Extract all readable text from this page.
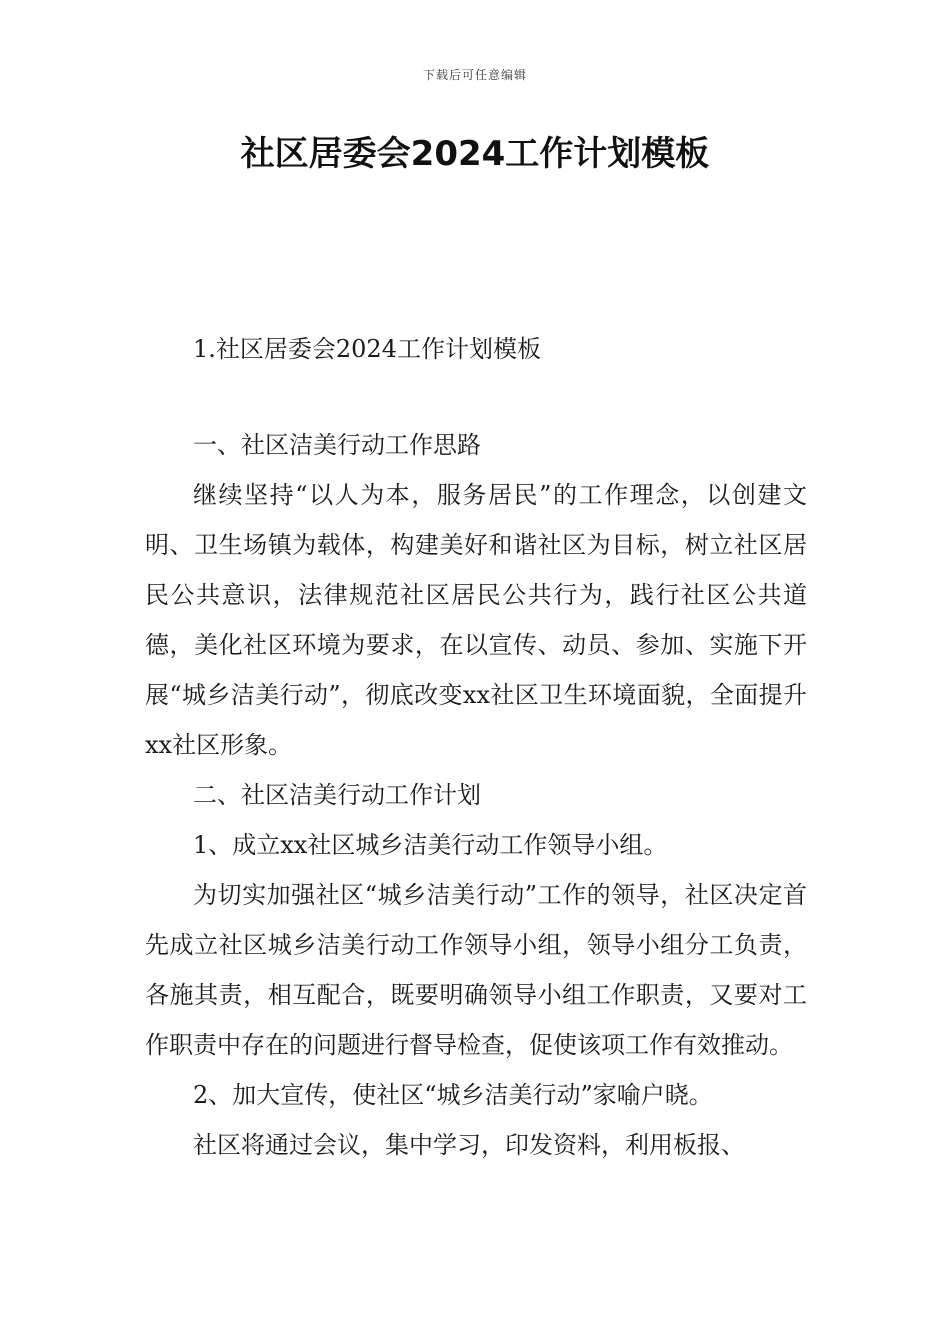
下载后可任意编辑
社区居委会2024工作计划模板

1.社区居委会2024工作计划模板

一、社区洁美行动工作思路

继续坚持“以人为本，服务居民”的工作理念，以创建文明、卫生场镇为载体，构建美好和谐社区为目标，树立社区居民公共意识，法律规范社区居民公共行为，践行社区公共道德，美化社区环境为要求，在以宣传、动员、参加、实施下开展“城乡洁美行动”，彻底改变xx社区卫生环境面貌，全面提升xx社区形象。

二、社区洁美行动工作计划

1、成立xx社区城乡洁美行动工作领导小组。

为切实加强社区“城乡洁美行动”工作的领导，社区决定首先成立社区城乡洁美行动工作领导小组，领导小组分工负责，各施其责，相互配合，既要明确领导小组工作职责，又要对工作职责中存在的问题进行督导检查，促使该项工作有效推动。

2、加大宣传，使社区“城乡洁美行动”家喻户晓。

社区将通过会议，集中学习，印发资料，利用板报、
